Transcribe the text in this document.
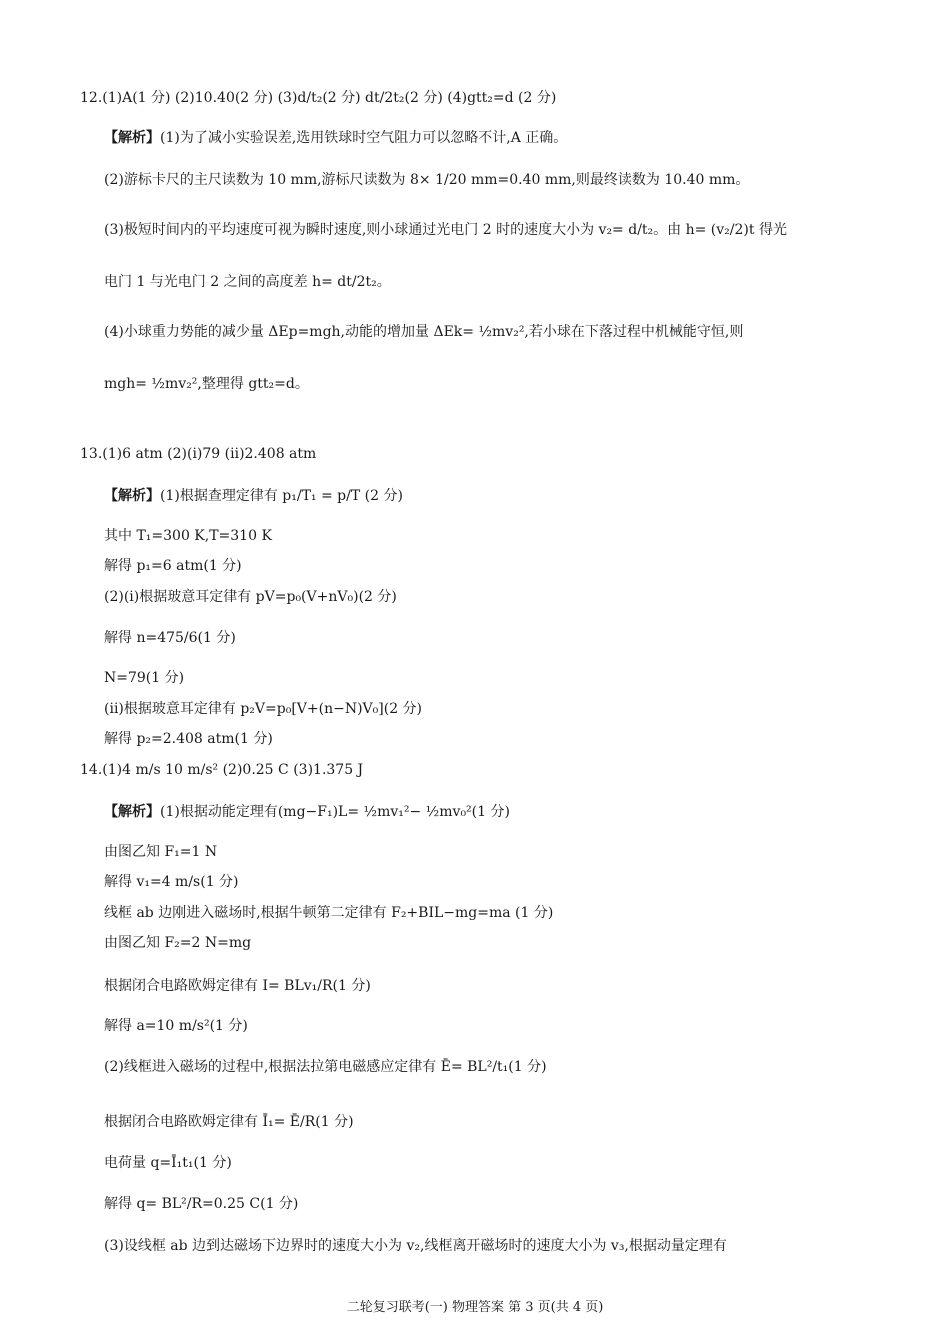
12.(1)A(1 分) (2)10.40(2 分) (3)d/t₂(2 分) dt/2t₂(2 分) (4)gtt₂=d (2 分)
【解析】(1)为了减小实验误差,选用铁球时空气阻力可以忽略不计,A 正确。
(2)游标卡尺的主尺读数为 10 mm,游标尺读数为 8× 1/20 mm=0.40 mm,则最终读数为 10.40 mm。
(3)极短时间内的平均速度可视为瞬时速度,则小球通过光电门 2 时的速度大小为 v₂= d/t₂。由 h= (v₂/2)t 得光
电门 1 与光电门 2 之间的高度差 h= dt/2t₂。
(4)小球重力势能的减少量 ΔEp=mgh,动能的增加量 ΔEk= ½mv₂²,若小球在下落过程中机械能守恒,则
mgh= ½mv₂²,整理得 gtt₂=d。
13.(1)6 atm (2)(ⅰ)79 (ⅱ)2.408 atm
【解析】(1)根据查理定律有 p₁/T₁ = p/T (2 分)
其中 T₁=300 K,T=310 K
解得 p₁=6 atm(1 分)
(2)(ⅰ)根据玻意耳定律有 pV=p₀(V+nV₀)(2 分)
解得 n=475/6(1 分)
N=79(1 分)
(ⅱ)根据玻意耳定律有 p₂V=p₀[V+(n−N)V₀](2 分)
解得 p₂=2.408 atm(1 分)
14.(1)4 m/s 10 m/s² (2)0.25 C (3)1.375 J
【解析】(1)根据动能定理有(mg−F₁)L= ½mv₁²− ½mv₀²(1 分)
由图乙知 F₁=1 N
解得 v₁=4 m/s(1 分)
线框 ab 边刚进入磁场时,根据牛顿第二定律有 F₂+BIL−mg=ma (1 分)
由图乙知 F₂=2 N=mg
根据闭合电路欧姆定律有 I= BLv₁/R(1 分)
解得 a=10 m/s²(1 分)
(2)线框进入磁场的过程中,根据法拉第电磁感应定律有 Ē= BL²/t₁(1 分)
根据闭合电路欧姆定律有 Ī₁= Ē/R(1 分)
电荷量 q=Ī₁t₁(1 分)
解得 q= BL²/R=0.25 C(1 分)
(3)设线框 ab 边到达磁场下边界时的速度大小为 v₂,线框离开磁场时的速度大小为 v₃,根据动量定理有
二轮复习联考(一) 物理答案 第 3 页(共 4 页)
